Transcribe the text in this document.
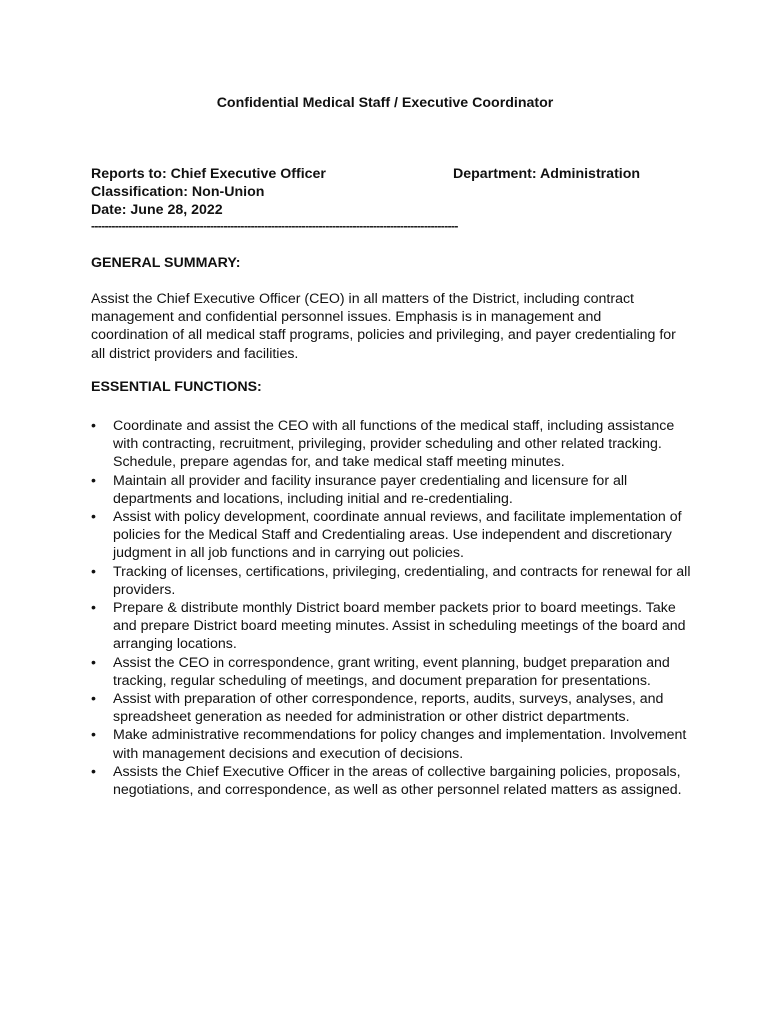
Confidential Medical Staff / Executive Coordinator
Reports to: Chief Executive Officer	Department: Administration
Classification: Non-Union
Date: June 28, 2022
------------------------------------------------------------------------------------------------------------
GENERAL SUMMARY:
Assist the Chief Executive Officer (CEO) in all matters of the District, including contract management and confidential personnel issues. Emphasis is in management and coordination of all medical staff programs, policies and privileging, and payer credentialing for all district providers and facilities.
ESSENTIAL FUNCTIONS:
• Coordinate and assist the CEO with all functions of the medical staff, including assistance with contracting, recruitment, privileging, provider scheduling and other related tracking. Schedule, prepare agendas for, and take medical staff meeting minutes.
• Maintain all provider and facility insurance payer credentialing and licensure for all departments and locations, including initial and re-credentialing.
• Assist with policy development, coordinate annual reviews, and facilitate implementation of policies for the Medical Staff and Credentialing areas. Use independent and discretionary judgment in all job functions and in carrying out policies.
• Tracking of licenses, certifications, privileging, credentialing, and contracts for renewal for all providers.
• Prepare & distribute monthly District board member packets prior to board meetings. Take and prepare District board meeting minutes. Assist in scheduling meetings of the board and arranging locations.
• Assist the CEO in correspondence, grant writing, event planning, budget preparation and tracking, regular scheduling of meetings, and document preparation for presentations.
• Assist with preparation of other correspondence, reports, audits, surveys, analyses, and spreadsheet generation as needed for administration or other district departments.
• Make administrative recommendations for policy changes and implementation. Involvement with management decisions and execution of decisions.
• Assists the Chief Executive Officer in the areas of collective bargaining policies, proposals, negotiations, and correspondence, as well as other personnel related matters as assigned.
